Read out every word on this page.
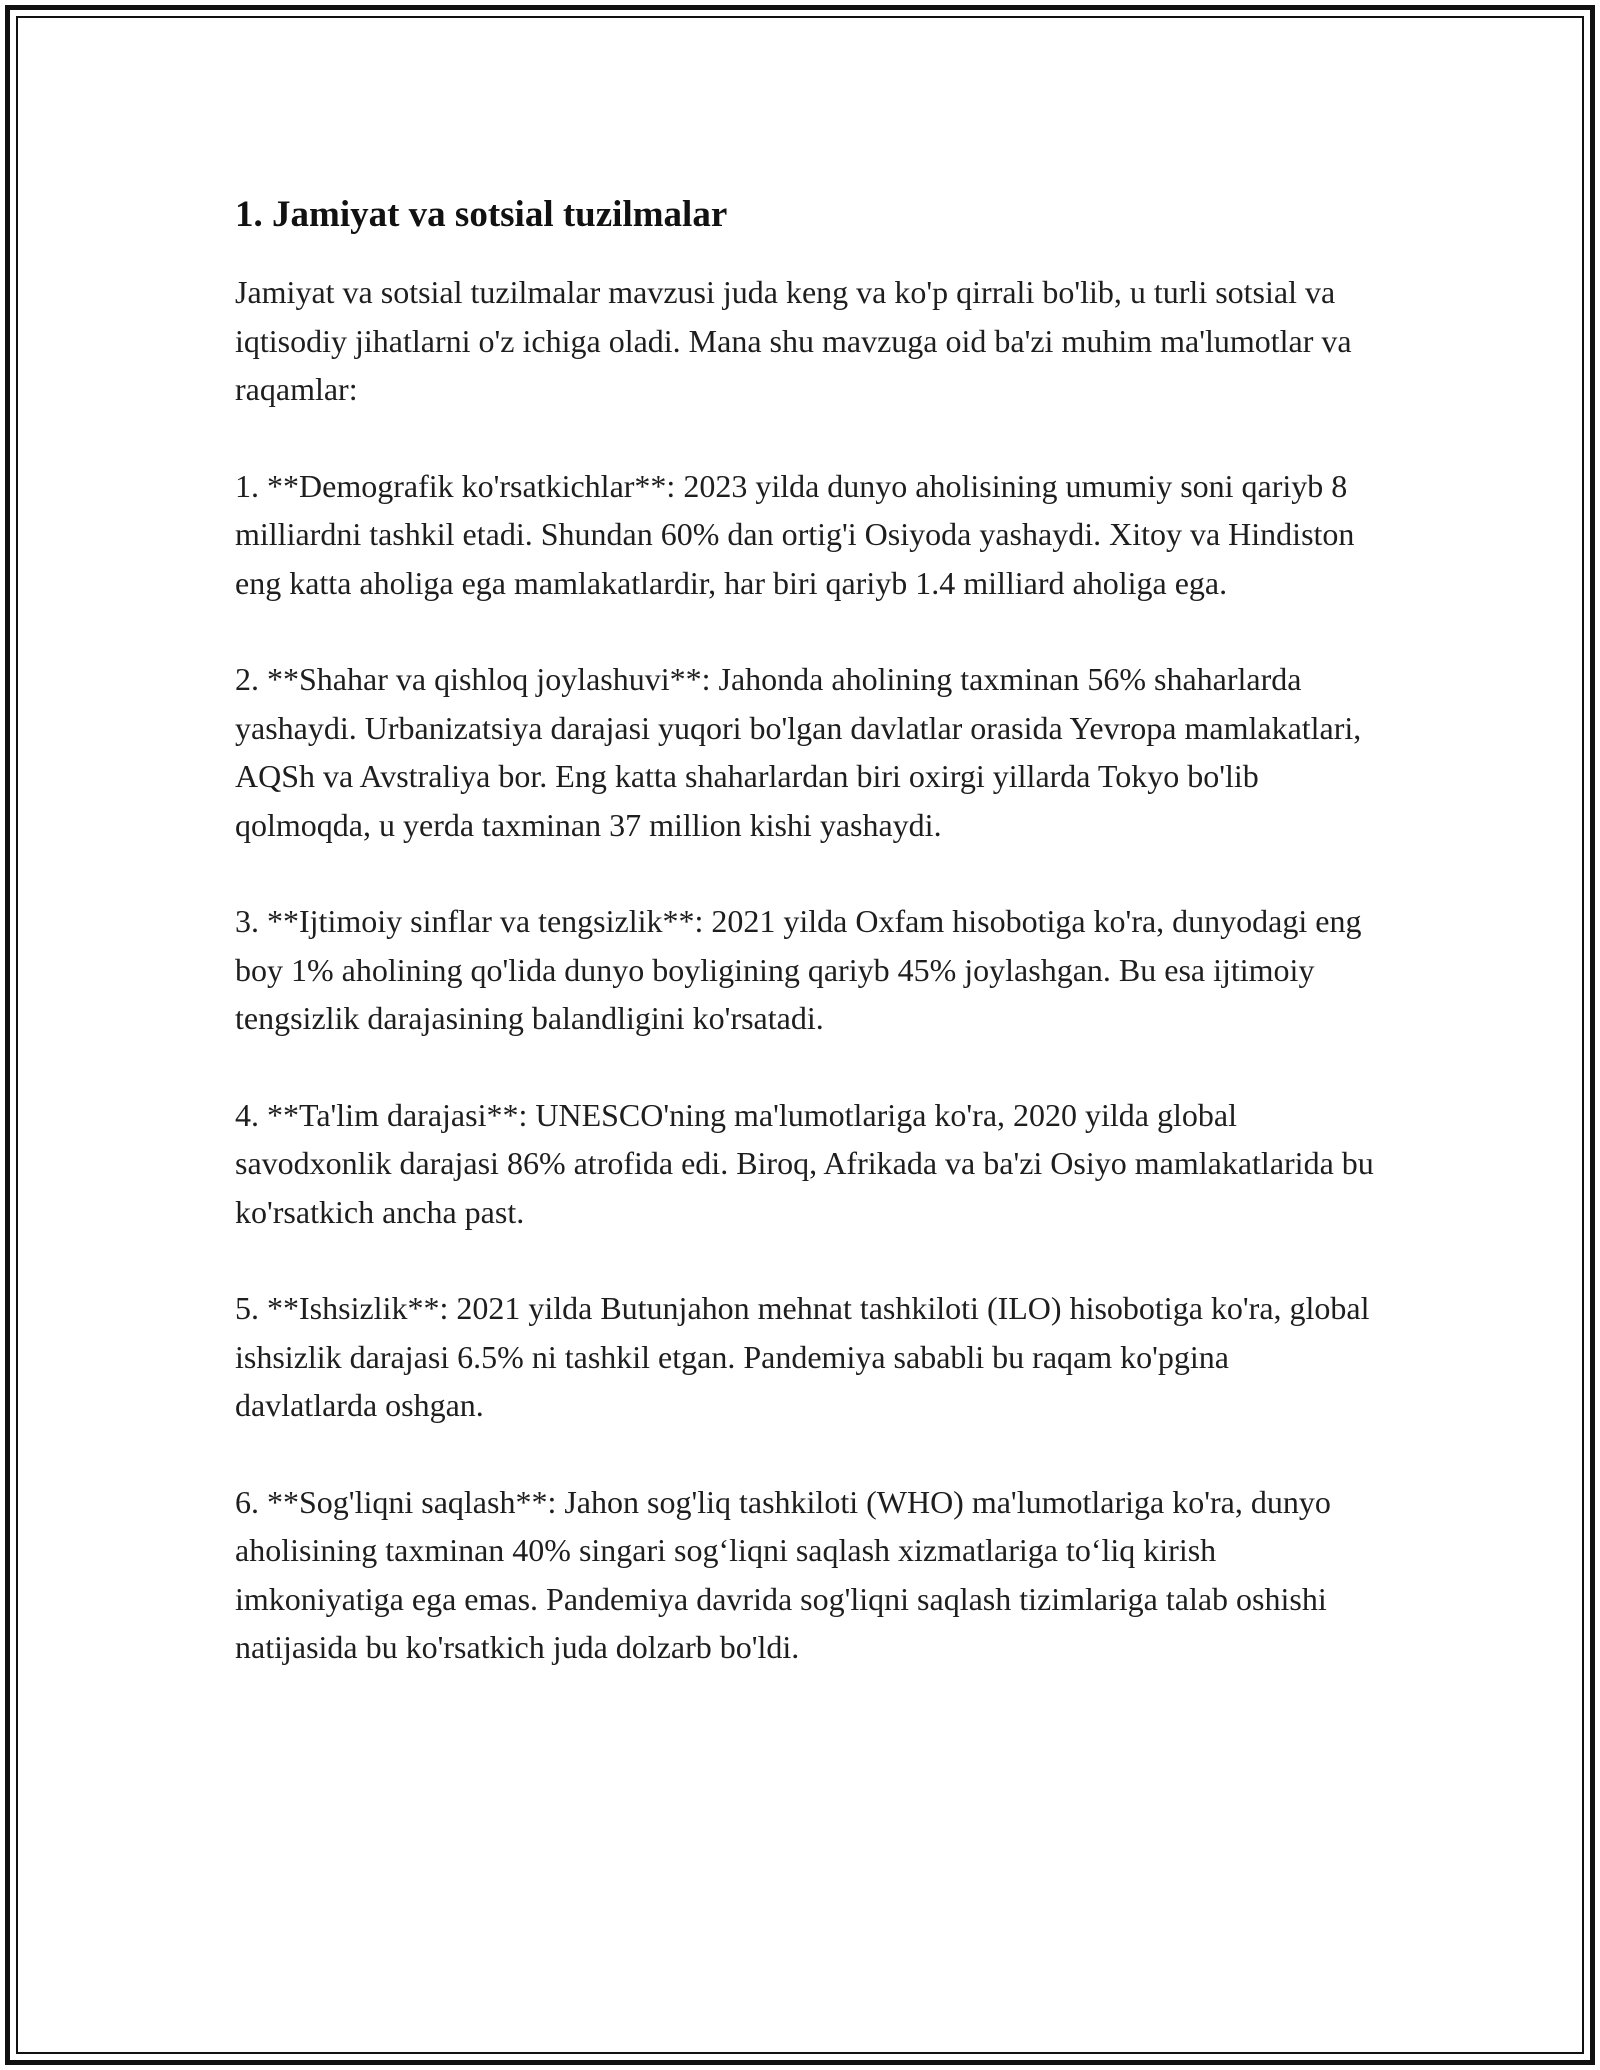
1. Jamiyat va sotsial tuzilmalar

Jamiyat va sotsial tuzilmalar mavzusi juda keng va ko'p qirrali bo'lib, u turli sotsial va iqtisodiy jihatlarni o'z ichiga oladi. Mana shu mavzuga oid ba'zi muhim ma'lumotlar va raqamlar:

1. **Demografik ko'rsatkichlar**: 2023 yilda dunyo aholisining umumiy soni qariyb 8 milliardni tashkil etadi. Shundan 60% dan ortig'i Osiyoda yashaydi. Xitoy va Hindiston eng katta aholiga ega mamlakatlardir, har biri qariyb 1.4 milliard aholiga ega.

2. **Shahar va qishloq joylashuvi**: Jahonda aholining taxminan 56% shaharlarda yashaydi. Urbanizatsiya darajasi yuqori bo'lgan davlatlar orasida Yevropa mamlakatlari, AQSh va Avstraliya bor. Eng katta shaharlardan biri oxirgi yillarda Tokyo bo'lib qolmoqda, u yerda taxminan 37 million kishi yashaydi.

3. **Ijtimoiy sinflar va tengsizlik**: 2021 yilda Oxfam hisobotiga ko'ra, dunyodagi eng boy 1% aholining qo'lida dunyo boyligining qariyb 45% joylashgan. Bu esa ijtimoiy tengsizlik darajasining balandligini ko'rsatadi.

4. **Ta'lim darajasi**: UNESCO'ning ma'lumotlariga ko'ra, 2020 yilda global savodxonlik darajasi 86% atrofida edi. Biroq, Afrikada va ba'zi Osiyo mamlakatlarida bu ko'rsatkich ancha past.

5. **Ishsizlik**: 2021 yilda Butunjahon mehnat tashkiloti (ILO) hisobotiga ko'ra, global ishsizlik darajasi 6.5% ni tashkil etgan. Pandemiya sababli bu raqam ko'pgina davlatlarda oshgan.

6. **Sog'liqni saqlash**: Jahon sog'liq tashkiloti (WHO) ma'lumotlariga ko'ra, dunyo aholisining taxminan 40% singari sog‘liqni saqlash xizmatlariga to‘liq kirish imkoniyatiga ega emas. Pandemiya davrida sog'liqni saqlash tizimlariga talab oshishi natijasida bu ko'rsatkich juda dolzarb bo'ldi.
